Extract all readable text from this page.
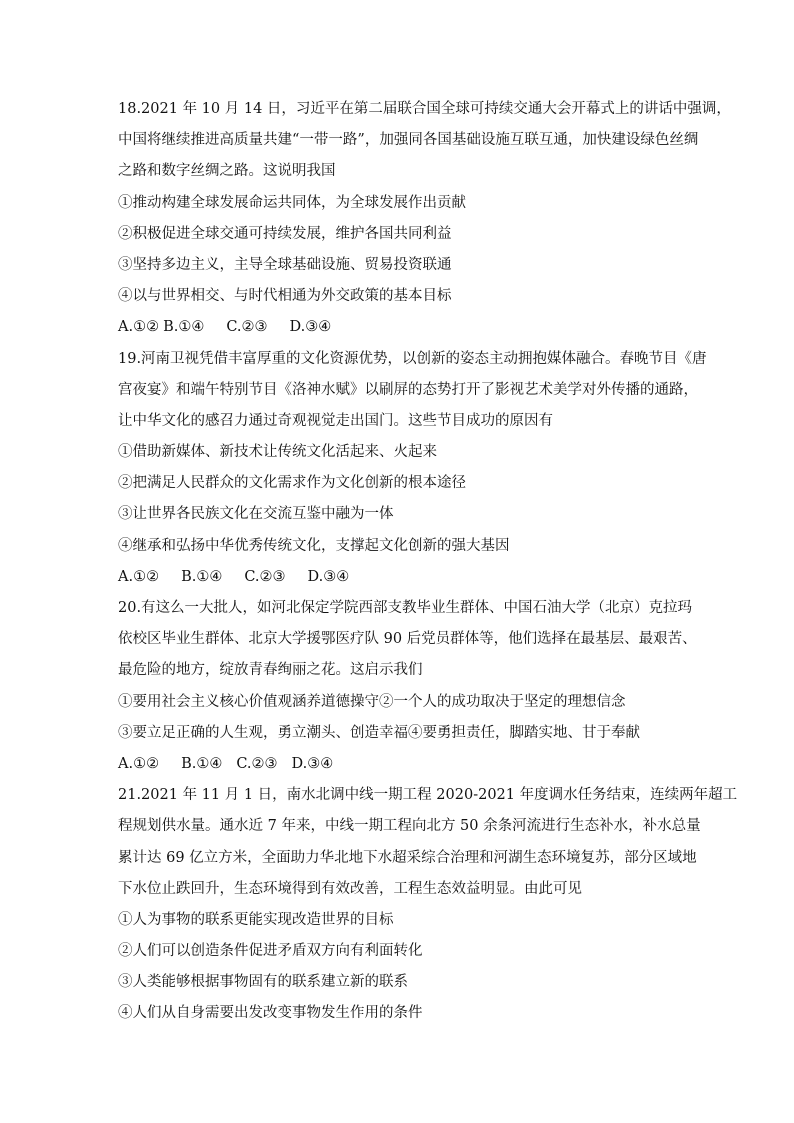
18.2021 年 10 月 14 日，习近平在第二届联合国全球可持续交通大会开幕式上的讲话中强调，
中国将继续推进高质量共建“一带一路”，加强同各国基础设施互联互通，加快建设绿色丝绸
之路和数字丝绸之路。这说明我国
①推动构建全球发展命运共同体，为全球发展作出贡献
②积极促进全球交通可持续发展，维护各国共同利益
③坚持多边主义，主导全球基础设施、贸易投资联通
④以与世界相交、与时代相通为外交政策的基本目标
A.①② B.①④ C.②③ D.③④
19.河南卫视凭借丰富厚重的文化资源优势，以创新的姿态主动拥抱媒体融合。春晚节目《唐
宫夜宴》和端午特别节目《洛神水赋》以刷屏的态势打开了影视艺术美学对外传播的通路，
让中华文化的感召力通过奇观视觉走出国门。这些节目成功的原因有
①借助新媒体、新技术让传统文化活起来、火起来
②把满足人民群众的文化需求作为文化创新的根本途径
③让世界各民族文化在交流互鉴中融为一体
④继承和弘扬中华优秀传统文化，支撑起文化创新的强大基因
A.①② B.①④ C.②③ D.③④
20.有这么一大批人，如河北保定学院西部支教毕业生群体、中国石油大学（北京）克拉玛
依校区毕业生群体、北京大学援鄂医疗队 90 后党员群体等，他们选择在最基层、最艰苦、
最危险的地方，绽放青春绚丽之花。这启示我们
①要用社会主义核心价值观涵养道德操守②一个人的成功取决于坚定的理想信念
③要立足正确的人生观，勇立潮头、创造幸福④要勇担责任，脚踏实地、甘于奉献
A.①② B.①④ C.②③ D.③④
21.2021 年 11 月 1 日，南水北调中线一期工程 2020-2021 年度调水任务结束，连续两年超工
程规划供水量。通水近 7 年来，中线一期工程向北方 50 余条河流进行生态补水，补水总量
累计达 69 亿立方米，全面助力华北地下水超采综合治理和河湖生态环境复苏，部分区域地
下水位止跌回升，生态环境得到有效改善，工程生态效益明显。由此可见
①人为事物的联系更能实现改造世界的目标
②人们可以创造条件促进矛盾双方向有利面转化
③人类能够根据事物固有的联系建立新的联系
④人们从自身需要出发改变事物发生作用的条件
